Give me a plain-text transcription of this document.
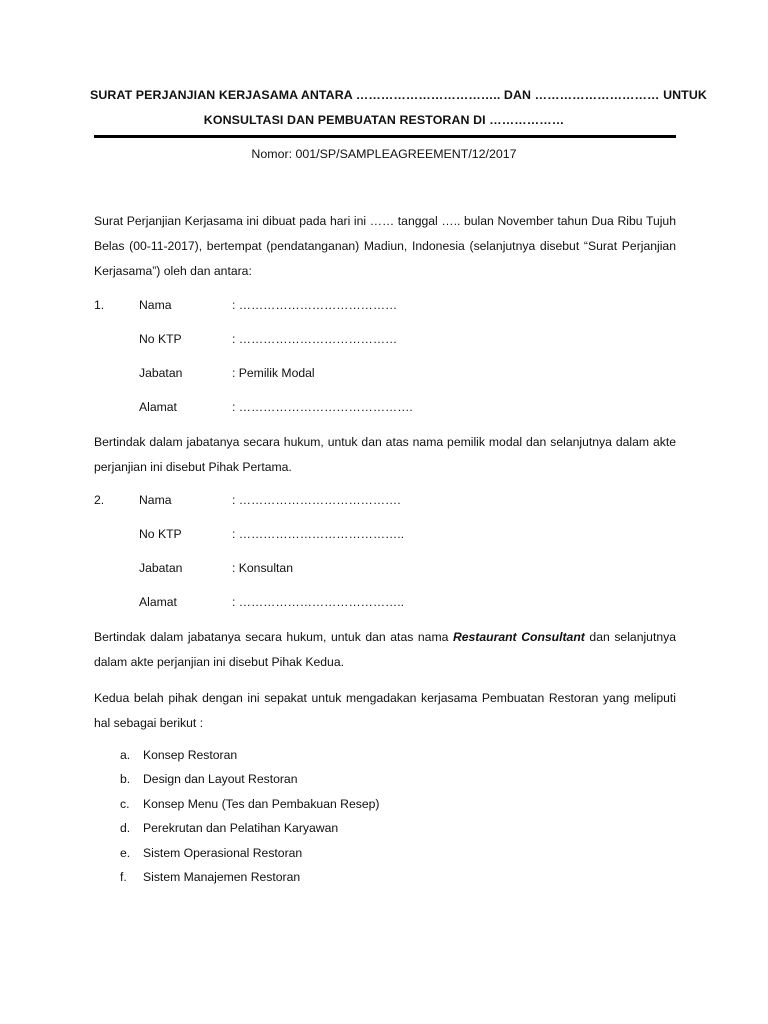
SURAT PERJANJIAN KERJASAMA ANTARA …………………………….. DAN ………………………… UNTUK
KONSULTASI DAN PEMBUATAN RESTORAN DI ………………
Nomor: 001/SP/SAMPLEAGREEMENT/12/2017

Surat Perjanjian Kerjasama ini dibuat pada hari ini …… tanggal ….. bulan November tahun Dua Ribu Tujuh Belas (00-11-2017), bertempat (pendatanganan) Madiun, Indonesia (selanjutnya disebut “Surat Perjanjian Kerjasama”) oleh dan antara:

1.	Nama	: …………………………………
No KTP	: …………………………………
Jabatan	: Pemilik Modal
Alamat	: …………………………………….

Bertindak dalam jabatanya secara hukum, untuk dan atas nama pemilik modal dan selanjutnya dalam akte perjanjian ini disebut Pihak Pertama.

2.	Nama	: ………………………………….
No KTP	: …………………………………..
Jabatan	: Konsultan
Alamat	: …………………………………..

Bertindak dalam jabatanya secara hukum, untuk dan atas nama Restaurant Consultant dan selanjutnya dalam akte perjanjian ini disebut Pihak Kedua.

Kedua belah pihak dengan ini sepakat untuk mengadakan kerjasama Pembuatan Restoran yang meliputi hal sebagai berikut :

a. Konsep Restoran
b. Design dan Layout Restoran
c. Konsep Menu (Tes dan Pembakuan Resep)
d. Perekrutan dan Pelatihan Karyawan
e. Sistem Operasional Restoran
f. Sistem Manajemen Restoran
